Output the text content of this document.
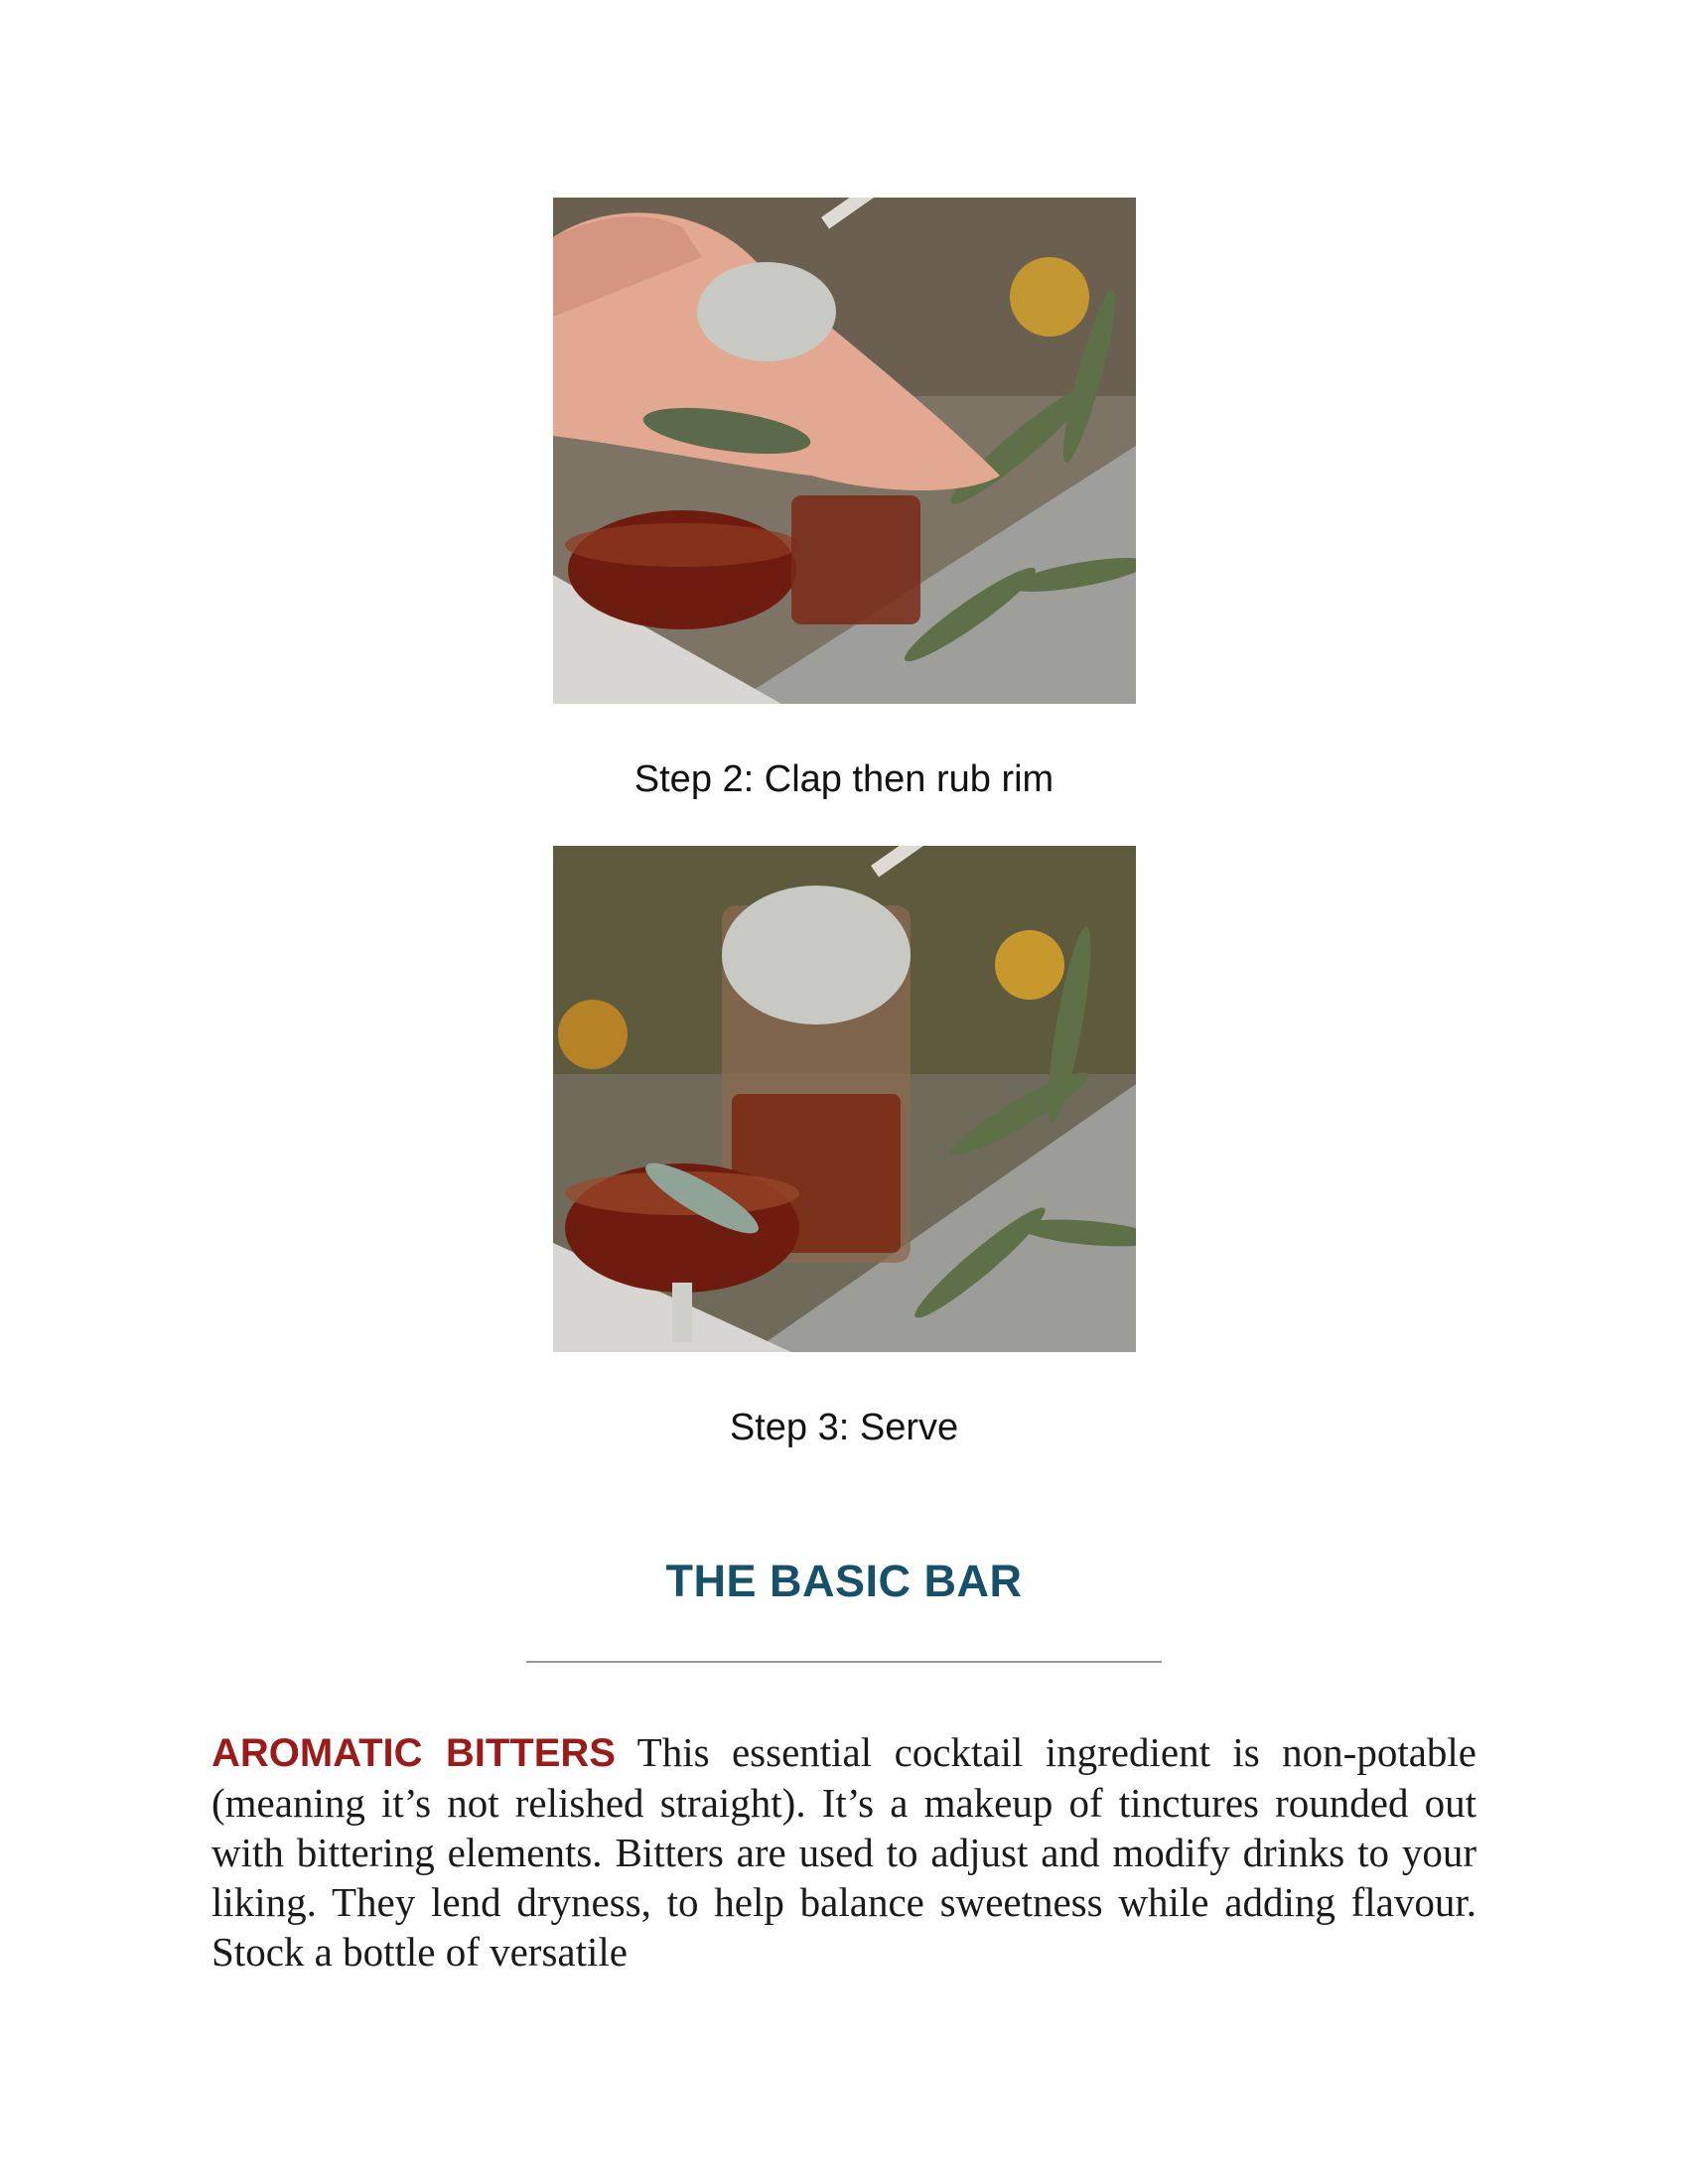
Step 2: Clap then rub rim
Step 3: Serve
THE BASIC BAR

AROMATIC BITTERS This essential cocktail ingredient is non-potable (meaning it’s not relished straight). It’s a makeup of tinctures rounded out with bittering elements. Bitters are used to adjust and modify drinks to your liking. They lend dryness, to help balance sweetness while adding flavour. Stock a bottle of versatile
